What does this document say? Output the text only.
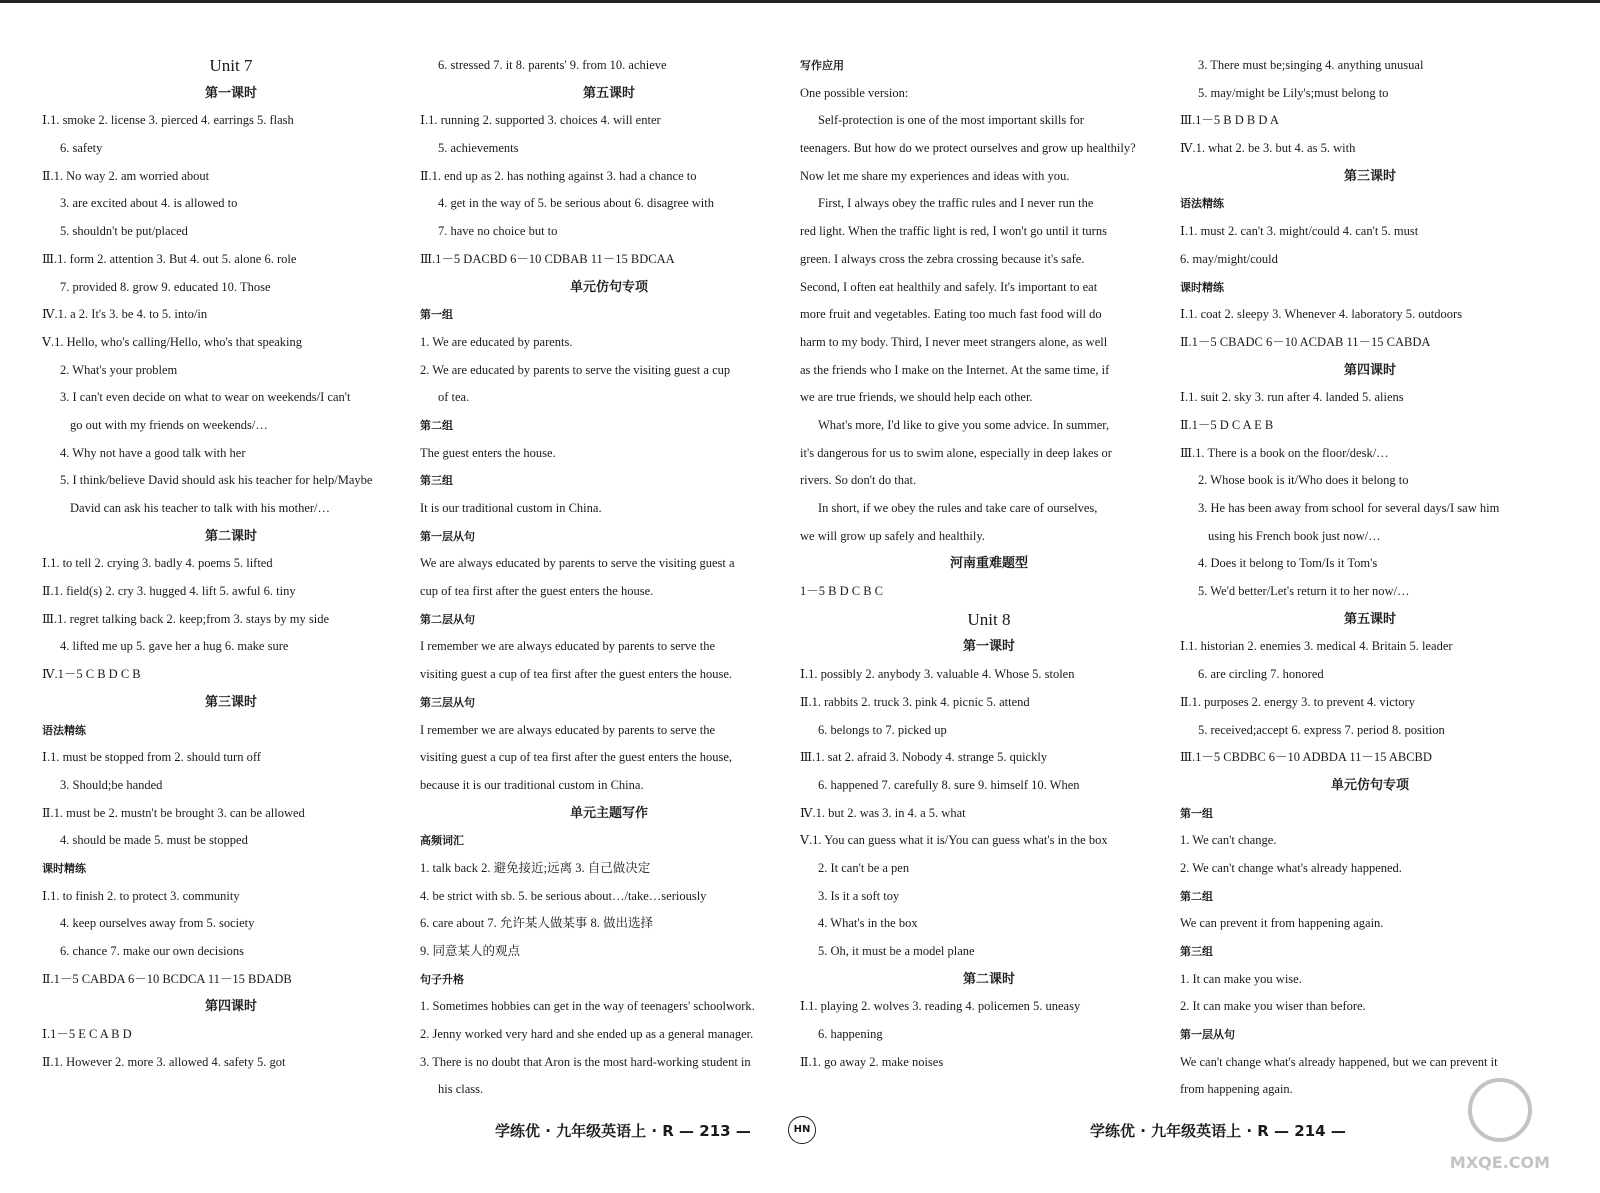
Unit 7
第一课时
Ⅰ.1. smoke 2. license 3. pierced 4. earrings 5. flash
6. safety
Ⅱ.1. No way 2. am worried about
3. are excited about 4. is allowed to
5. shouldn't be put/placed
Ⅲ.1. form 2. attention 3. But 4. out 5. alone 6. role
7. provided 8. grow 9. educated 10. Those
Ⅳ.1. a 2. It's 3. be 4. to 5. into/in
Ⅴ.1. Hello, who's calling/Hello, who's that speaking
2. What's your problem
3. I can't even decide on what to wear on weekends/I can't
go out with my friends on weekends/…
4. Why not have a good talk with her
5. I think/believe David should ask his teacher for help/Maybe
David can ask his teacher to talk with his mother/…
第二课时
Ⅰ.1. to tell 2. crying 3. badly 4. poems 5. lifted
Ⅱ.1. field(s) 2. cry 3. hugged 4. lift 5. awful 6. tiny
Ⅲ.1. regret talking back 2. keep;from 3. stays by my side
4. lifted me up 5. gave her a hug 6. make sure
Ⅳ.1－5 C B D C B
第三课时
语法精练
Ⅰ.1. must be stopped from 2. should turn off
3. Should;be handed
Ⅱ.1. must be 2. mustn't be brought 3. can be allowed
4. should be made 5. must be stopped
课时精练
Ⅰ.1. to finish 2. to protect 3. community
4. keep ourselves away from 5. society
6. chance 7. make our own decisions
Ⅱ.1－5 CABDA 6－10 BCDCA 11－15 BDADB
第四课时
Ⅰ.1－5 E C A B D
Ⅱ.1. However 2. more 3. allowed 4. safety 5. got
6. stressed 7. it 8. parents' 9. from 10. achieve
第五课时
Ⅰ.1. running 2. supported 3. choices 4. will enter
5. achievements
Ⅱ.1. end up as 2. has nothing against 3. had a chance to
4. get in the way of 5. be serious about 6. disagree with
7. have no choice but to
Ⅲ.1－5 DACBD 6－10 CDBAB 11－15 BDCAA
单元仿句专项
第一组
1. We are educated by parents.
2. We are educated by parents to serve the visiting guest a cup
of tea.
第二组
The guest enters the house.
第三组
It is our traditional custom in China.
第一层从句
We are always educated by parents to serve the visiting guest a
cup of tea first after the guest enters the house.
第二层从句
I remember we are always educated by parents to serve the
visiting guest a cup of tea first after the guest enters the house.
第三层从句
I remember we are always educated by parents to serve the
visiting guest a cup of tea first after the guest enters the house,
because it is our traditional custom in China.
单元主题写作
高频词汇
1. talk back 2. 避免接近;远离 3. 自己做决定
4. be strict with sb. 5. be serious about…/take…seriously
6. care about 7. 允许某人做某事 8. 做出选择
9. 同意某人的观点
句子升格
1. Sometimes hobbies can get in the way of teenagers' schoolwork.
2. Jenny worked very hard and she ended up as a general manager.
3. There is no doubt that Aron is the most hard-working student in
his class.
写作应用
One possible version:
Self-protection is one of the most important skills for
teenagers. But how do we protect ourselves and grow up healthily?
Now let me share my experiences and ideas with you.
First, I always obey the traffic rules and I never run the
red light. When the traffic light is red, I won't go until it turns
green. I always cross the zebra crossing because it's safe.
Second, I often eat healthily and safely. It's important to eat
more fruit and vegetables. Eating too much fast food will do
harm to my body. Third, I never meet strangers alone, as well
as the friends who I make on the Internet. At the same time, if
we are true friends, we should help each other.
What's more, I'd like to give you some advice. In summer,
it's dangerous for us to swim alone, especially in deep lakes or
rivers. So don't do that.
In short, if we obey the rules and take care of ourselves,
we will grow up safely and healthily.
河南重难题型
1－5 B D C B C
Unit 8
第一课时
Ⅰ.1. possibly 2. anybody 3. valuable 4. Whose 5. stolen
Ⅱ.1. rabbits 2. truck 3. pink 4. picnic 5. attend
6. belongs to 7. picked up
Ⅲ.1. sat 2. afraid 3. Nobody 4. strange 5. quickly
6. happened 7. carefully 8. sure 9. himself 10. When
Ⅳ.1. but 2. was 3. in 4. a 5. what
Ⅴ.1. You can guess what it is/You can guess what's in the box
2. It can't be a pen
3. Is it a soft toy
4. What's in the box
5. Oh, it must be a model plane
第二课时
Ⅰ.1. playing 2. wolves 3. reading 4. policemen 5. uneasy
6. happening
Ⅱ.1. go away 2. make noises
3. There must be;singing 4. anything unusual
5. may/might be Lily's;must belong to
Ⅲ.1－5 B D B D A
Ⅳ.1. what 2. be 3. but 4. as 5. with
第三课时
语法精练
Ⅰ.1. must 2. can't 3. might/could 4. can't 5. must
6. may/might/could
课时精练
Ⅰ.1. coat 2. sleepy 3. Whenever 4. laboratory 5. outdoors
Ⅱ.1－5 CBADC 6－10 ACDAB 11－15 CABDA
第四课时
Ⅰ.1. suit 2. sky 3. run after 4. landed 5. aliens
Ⅱ.1－5 D C A E B
Ⅲ.1. There is a book on the floor/desk/…
2. Whose book is it/Who does it belong to
3. He has been away from school for several days/I saw him
using his French book just now/…
4. Does it belong to Tom/Is it Tom's
5. We'd better/Let's return it to her now/…
第五课时
Ⅰ.1. historian 2. enemies 3. medical 4. Britain 5. leader
6. are circling 7. honored
Ⅱ.1. purposes 2. energy 3. to prevent 4. victory
5. received;accept 6. express 7. period 8. position
Ⅲ.1－5 CBDBC 6－10 ADBDA 11－15 ABCBD
单元仿句专项
第一组
1. We can't change.
2. We can't change what's already happened.
第二组
We can prevent it from happening again.
第三组
1. It can make you wise.
2. It can make you wiser than before.
第一层从句
We can't change what's already happened, but we can prevent it
from happening again.
学练优 · 九年级英语上 · R — 213 —	HN	学练优 · 九年级英语上 · R — 214 —
MXQE.COM
